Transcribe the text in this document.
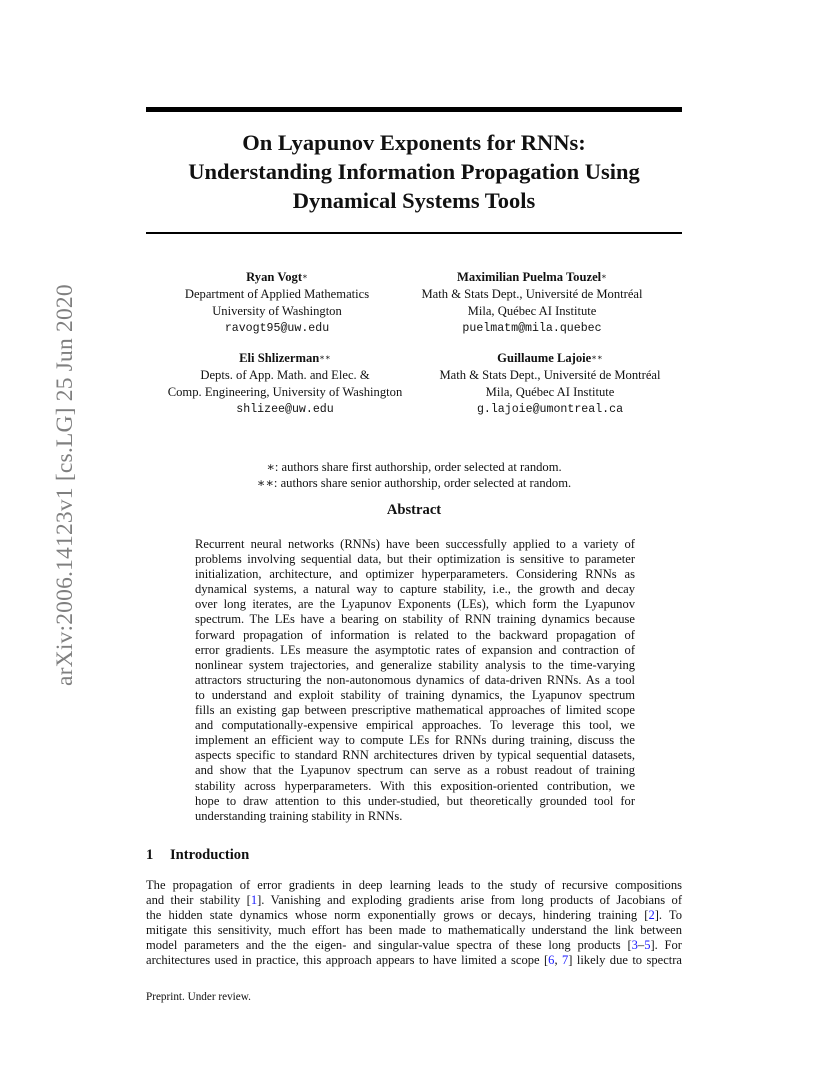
arXiv:2006.14123v1 [cs.LG] 25 Jun 2020
On Lyapunov Exponents for RNNs:
Understanding Information Propagation Using
Dynamical Systems Tools
Ryan Vogt∗
Department of Applied Mathematics
University of Washington
ravogt95@uw.edu
Maximilian Puelma Touzel∗
Math & Stats Dept., Université de Montréal
Mila, Québec AI Institute
puelmatm@mila.quebec
Eli Shlizerman∗∗
Depts. of App. Math. and Elec. &
Comp. Engineering, University of Washington
shlizee@uw.edu
Guillaume Lajoie∗∗
Math & Stats Dept., Université de Montréal
Mila, Québec AI Institute
g.lajoie@umontreal.ca
∗: authors share first authorship, order selected at random.
∗∗: authors share senior authorship, order selected at random.
Abstract
Recurrent neural networks (RNNs) have been successfully applied to a variety of
problems involving sequential data, but their optimization is sensitive to parameter
initialization, architecture, and optimizer hyperparameters. Considering RNNs as
dynamical systems, a natural way to capture stability, i.e., the growth and decay
over long iterates, are the Lyapunov Exponents (LEs), which form the Lyapunov
spectrum. The LEs have a bearing on stability of RNN training dynamics because
forward propagation of information is related to the backward propagation of
error gradients. LEs measure the asymptotic rates of expansion and contraction of
nonlinear system trajectories, and generalize stability analysis to the time-varying
attractors structuring the non-autonomous dynamics of data-driven RNNs. As a tool
to understand and exploit stability of training dynamics, the Lyapunov spectrum
fills an existing gap between prescriptive mathematical approaches of limited scope
and computationally-expensive empirical approaches. To leverage this tool, we
implement an efficient way to compute LEs for RNNs during training, discuss the
aspects specific to standard RNN architectures driven by typical sequential datasets,
and show that the Lyapunov spectrum can serve as a robust readout of training
stability across hyperparameters. With this exposition-oriented contribution, we
hope to draw attention to this under-studied, but theoretically grounded tool for
understanding training stability in RNNs.
1 Introduction
The propagation of error gradients in deep learning leads to the study of recursive compositions
and their stability [1]. Vanishing and exploding gradients arise from long products of Jacobians of
the hidden state dynamics whose norm exponentially grows or decays, hindering training [2]. To
mitigate this sensitivity, much effort has been made to mathematically understand the link between
model parameters and the the eigen- and singular-value spectra of these long products [3–5]. For
architectures used in practice, this approach appears to have limited a scope [6, 7] likely due to spectra
Preprint. Under review.
